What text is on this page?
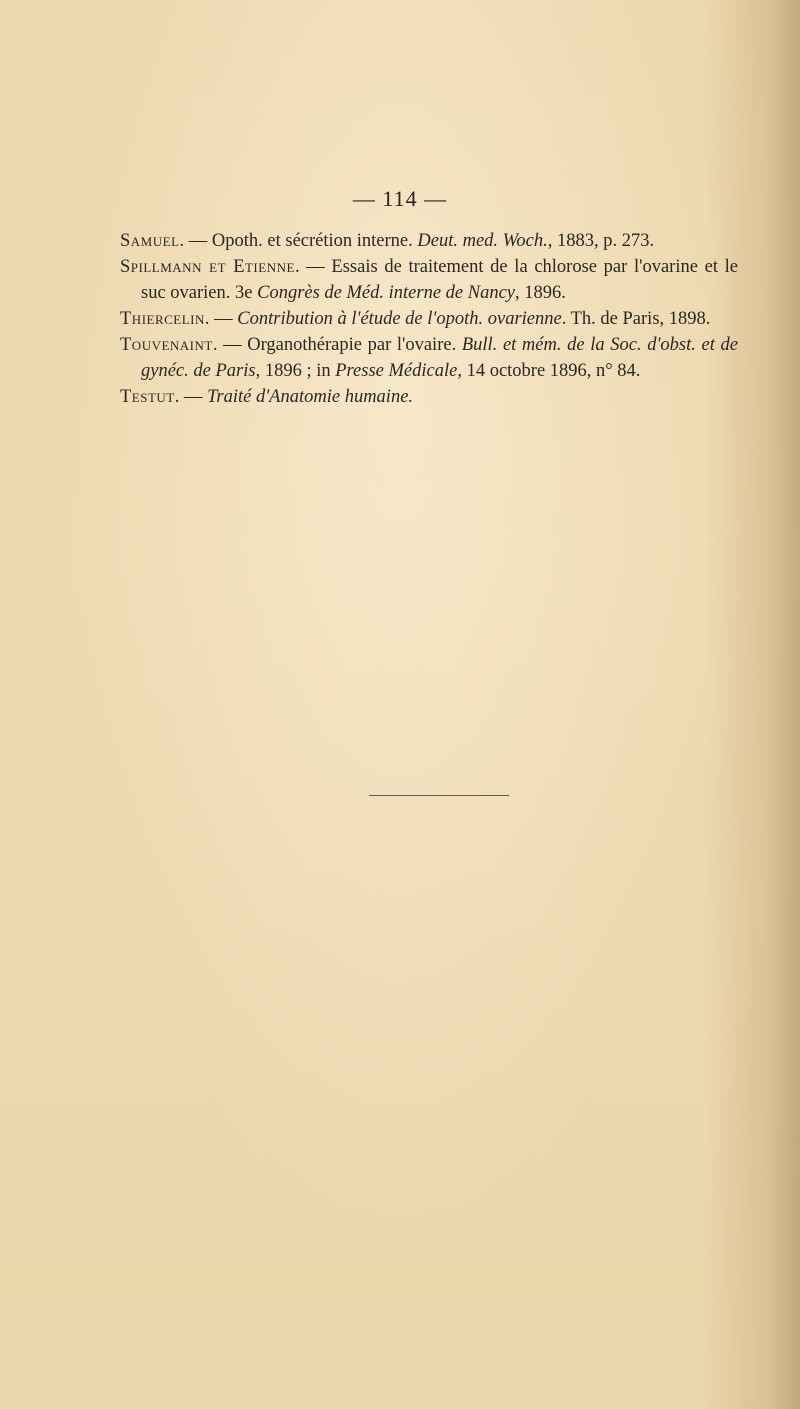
— 114 —

Samuel. — Opoth. et sécrétion interne. Deut. med. Woch., 1883, p. 273.

Spillmann et Etienne. — Essais de traitement de la chlorose par l'ovarine et le suc ovarien. 3e Congrès de Méd. interne de Nancy, 1896.

Thiercelin. — Contribution à l'étude de l'opoth. ovarienne. Th. de Paris, 1898.

Touvenaint. — Organothérapie par l'ovaire. Bull. et mém. de la Soc. d'obst. et de gynéc. de Paris, 1896 ; in Presse Médicale, 14 octobre 1896, n° 84.

Testut. — Traité d'Anatomie humaine.
